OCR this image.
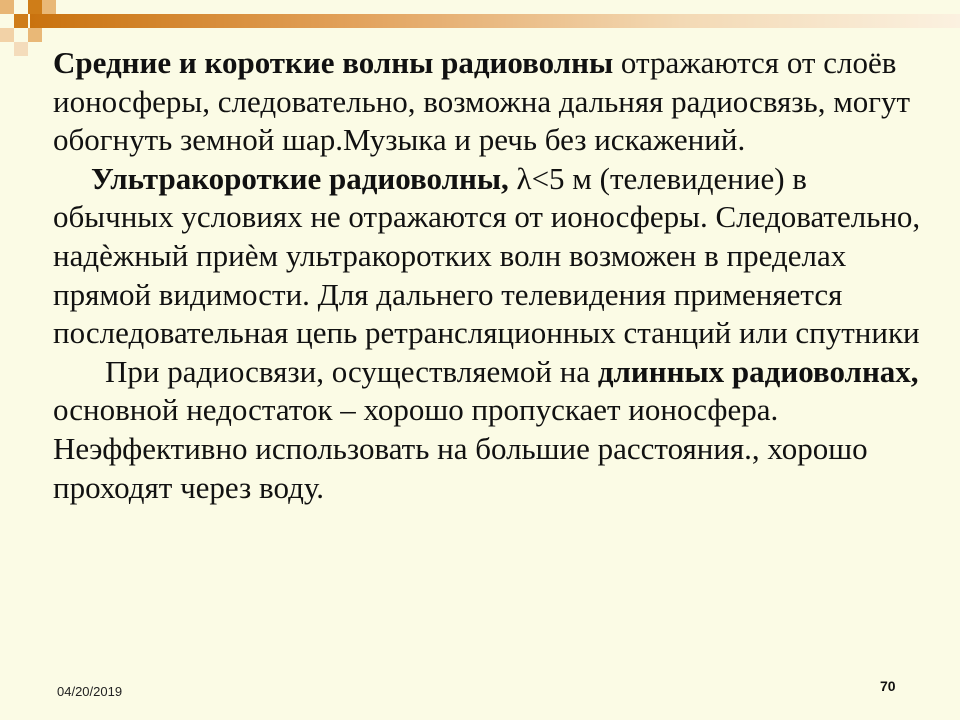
Средние и короткие волны радиоволны отражаются от слоёв ионосферы, следовательно, возможна дальняя радиосвязь, могут обогнуть земной шар.Музыка и речь без искажений.

Ультракороткие радиоволны, λ<5 м (телевидение) в обычных условиях не отражаются от ионосферы. Следовательно, надѐжный приѐм ультракоротких волн возможен в пределах прямой видимости. Для дальнего телевидения применяется последовательная цепь ретрансляционных станций или спутники

При радиосвязи, осуществляемой на длинных радиоволнах, основной недостаток – хорошо пропускает ионосфера. Неэффективно использовать на большие расстояния., хорошо проходят через воду.

04/20/2019	70
